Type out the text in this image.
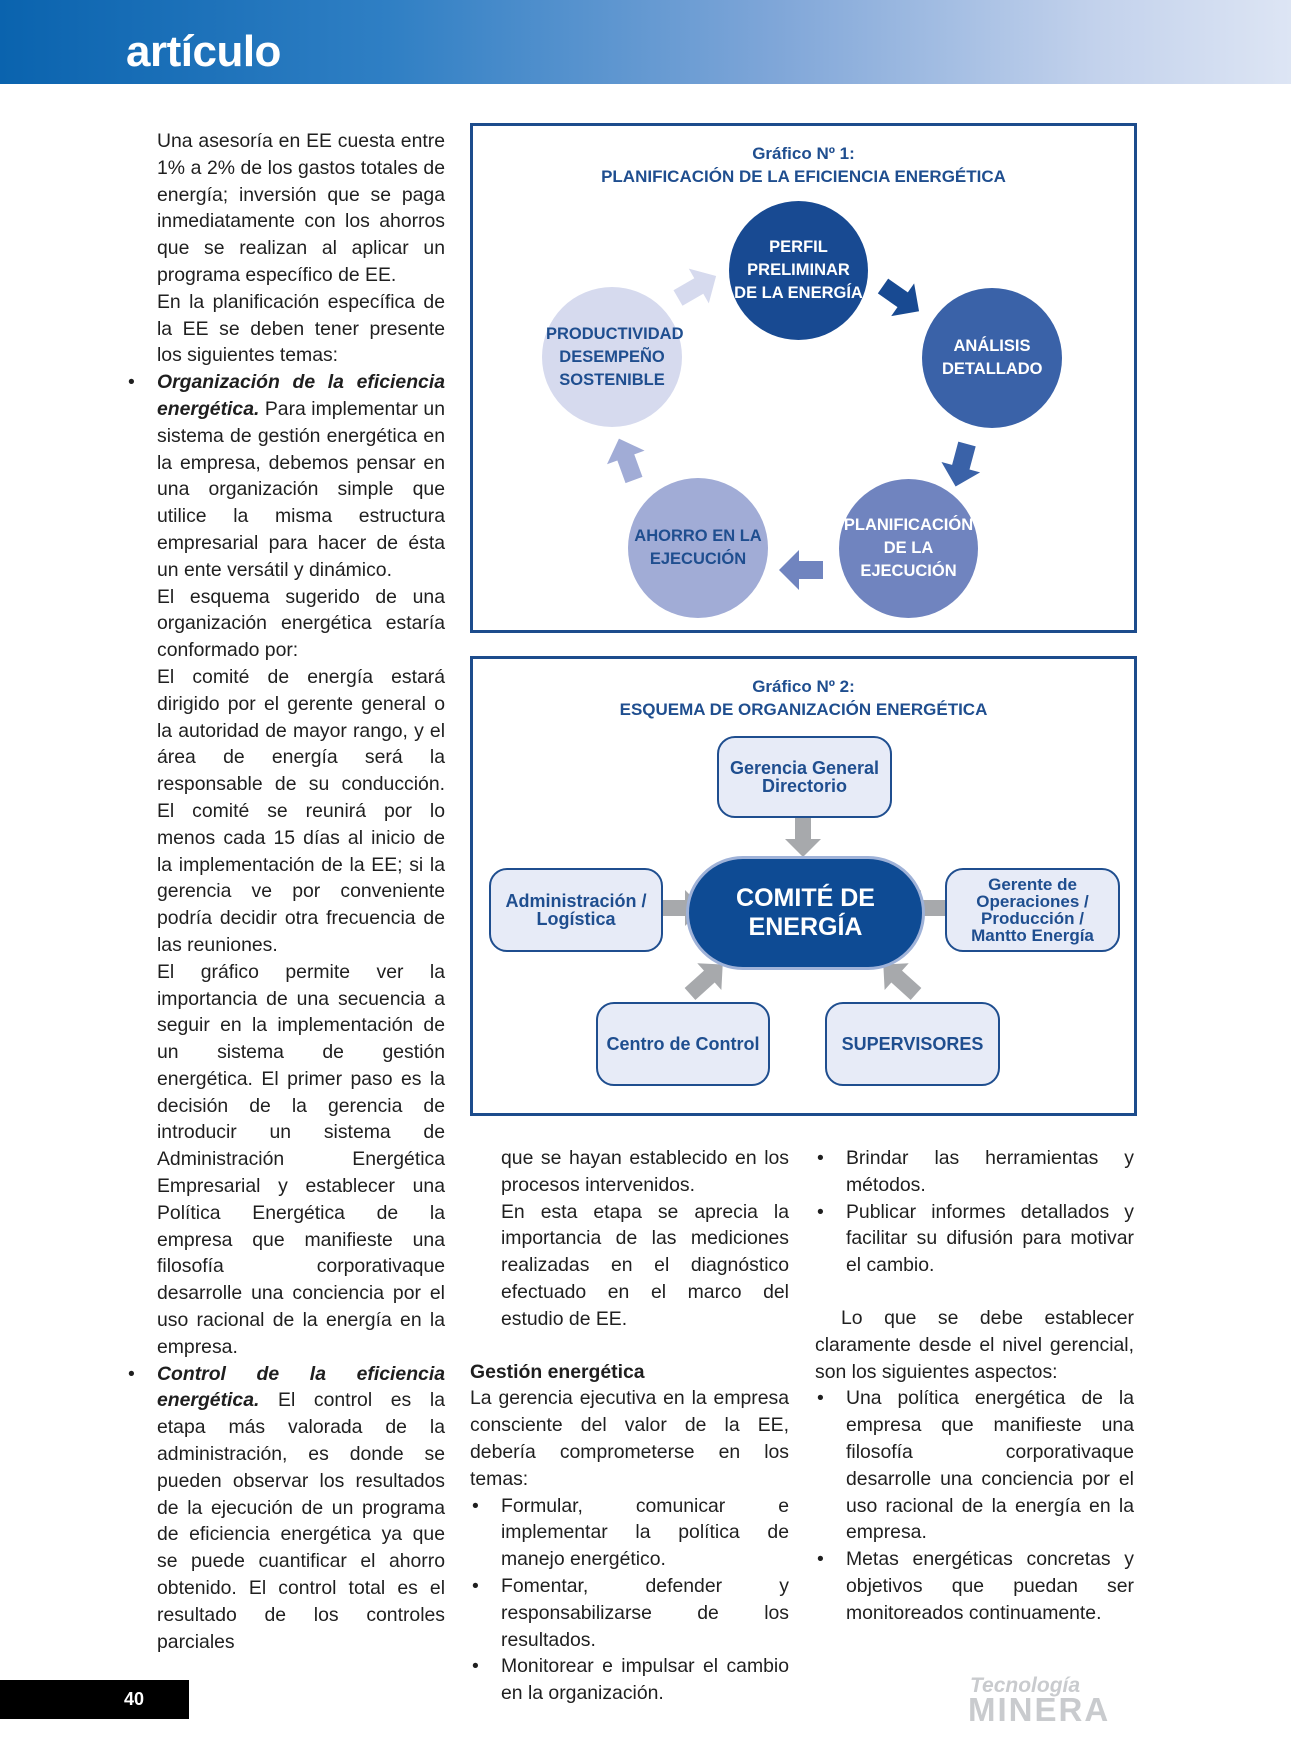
artículo

Una asesoría en EE cuesta entre 1% a 2% de los gastos totales de energía; inversión que se paga inmediatamente con los ahorros que se realizan al aplicar un programa específico de EE.

En la planificación específica de la EE se deben tener presente los siguientes temas:

• Organización de la eficiencia energética. Para implementar un sistema de gestión energética en la empresa, debemos pensar en una organización simple que utilice la misma estructura empresarial para hacer de ésta un ente versátil y dinámico.

El esquema sugerido de una organización energética estaría conformado por:

El comité de energía estará dirigido por el gerente general o la autoridad de mayor rango, y el área de energía será la responsable de su conducción. El comité se reunirá por lo menos cada 15 días al inicio de la implementación de la EE; si la gerencia ve por conveniente podría decidir otra frecuencia de las reuniones.

El gráfico permite ver la importancia de una secuencia a seguir en la implementación de un sistema de gestión energética. El primer paso es la decisión de la gerencia de introducir un sistema de Administración Energética Empresarial y establecer una Política Energética de la empresa que manifieste una filosofía corporativaque desarrolle una conciencia por el uso racional de la energía en la empresa.

• Control de la eficiencia energética. El control es la etapa más valorada de la administración, es donde se pueden observar los resultados de la ejecución de un programa de eficiencia energética ya que se puede cuantificar el ahorro obtenido. El control total es el resultado de los controles parciales
Gráfico Nº 1:
PLANIFICACIÓN DE LA EFICIENCIA ENERGÉTICA
PERFIL PRELIMINAR DE LA ENERGÍA
ANÁLISIS DETALLADO
PLANIFICACIÓN DE LA EJECUCIÓN
AHORRO EN LA EJECUCIÓN
PRODUCTIVIDAD DESEMPEÑO SOSTENIBLE
Gráfico Nº 2:
ESQUEMA DE ORGANIZACIÓN ENERGÉTICA
Gerencia General Directorio
COMITÉ DE ENERGÍA
Administración / Logística
Gerente de Operaciones / Producción / Mantto Energía
Centro de Control	SUPERVISORES

que se hayan establecido en los procesos intervenidos.

En esta etapa se aprecia la importancia de las mediciones realizadas en el diagnóstico efectuado en el marco del estudio de EE.

Gestión energética

La gerencia ejecutiva en la empresa consciente del valor de la EE, debería comprometerse en los temas:

• Formular, comunicar e implementar la política de manejo energético.
• Fomentar, defender y responsabilizarse de los resultados.
• Monitorear e impulsar el cambio en la organización.
• Brindar las herramientas y métodos.
• Publicar informes detallados y facilitar su difusión para motivar el cambio.

Lo que se debe establecer claramente desde el nivel gerencial, son los siguientes aspectos:

• Una política energética de la empresa que manifieste una filosofía corporativaque desarrolle una conciencia por el uso racional de la energía en la empresa.
• Metas energéticas concretas y objetivos que puedan ser monitoreados continuamente.
40
Tecnología
MINERA
